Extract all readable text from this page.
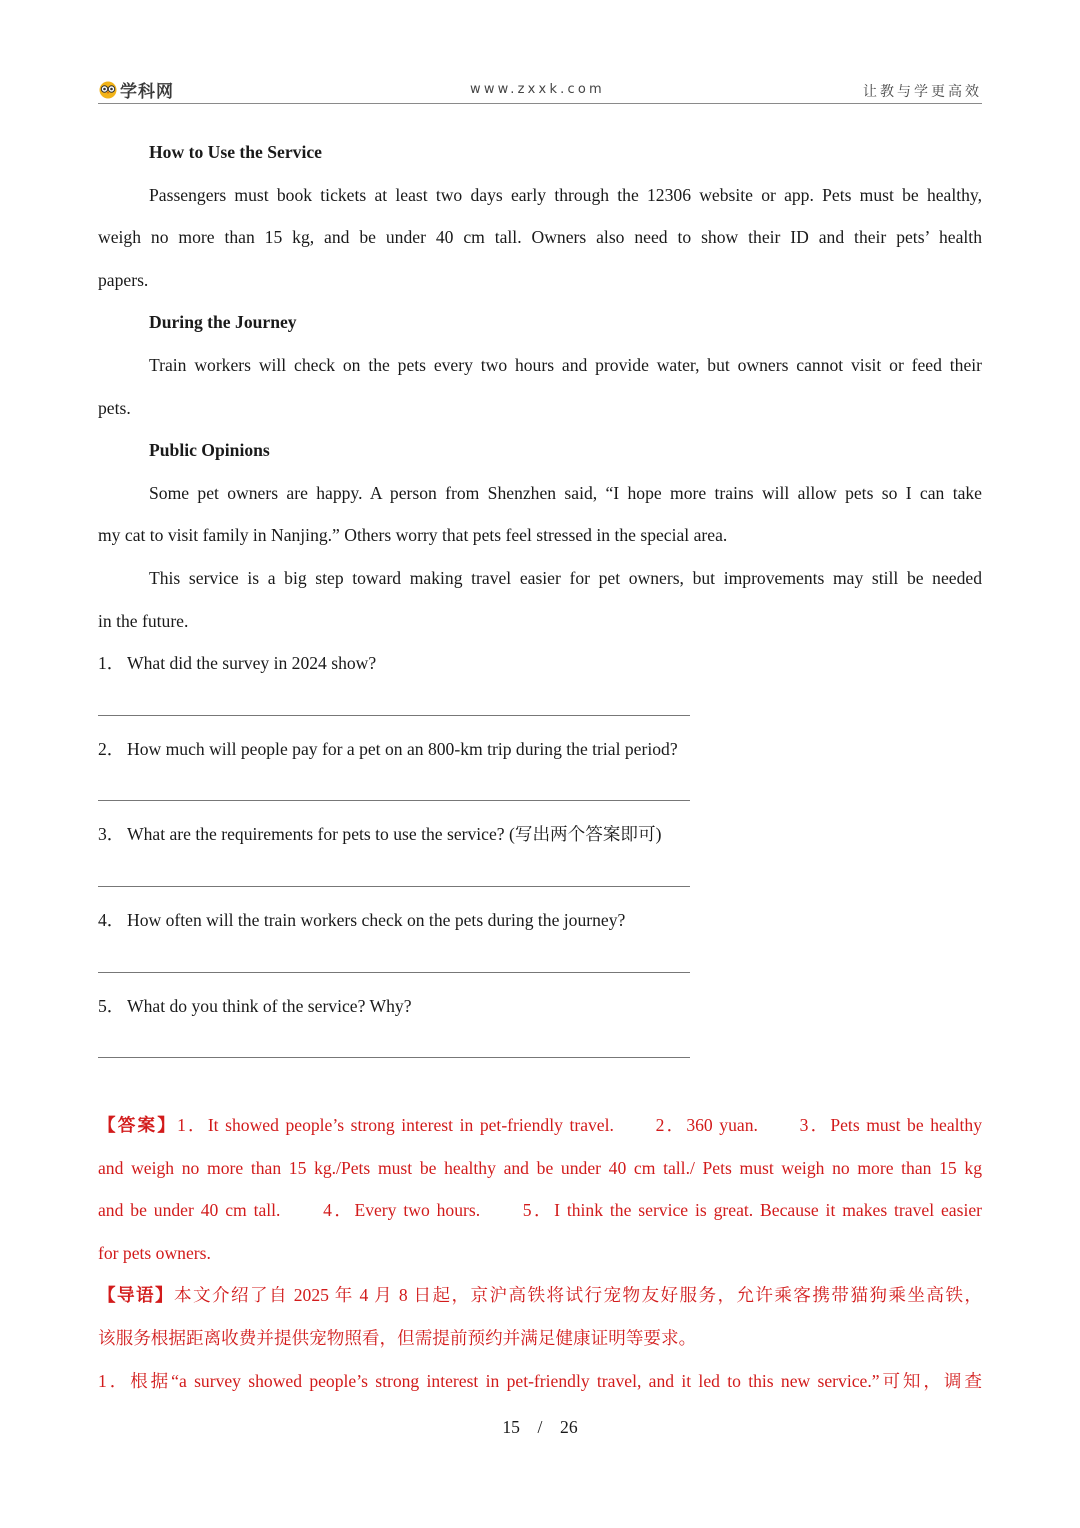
学科网	www.zxxk.com	让教与学更高效
How to Use the Service
Passengers must book tickets at least two days early through the 12306 website or app. Pets must be healthy,
weigh no more than 15 kg, and be under 40 cm tall. Owners also need to show their ID and their pets’ health
papers.
During the Journey
Train workers will check on the pets every two hours and provide water, but owners cannot visit or feed their
pets.
Public Opinions
Some pet owners are happy. A person from Shenzhen said, “I hope more trains will allow pets so I can take
my cat to visit family in Nanjing.” Others worry that pets feel stressed in the special area.
This service is a big step toward making travel easier for pet owners, but improvements may still be needed
in the future.
1． What did the survey in 2024 show?
2． How much will people pay for a pet on an 800-km trip during the trial period?
3． What are the requirements for pets to use the service? (写出两个答案即可)
4． How often will the train workers check on the pets during the journey?
5． What do you think of the service? Why?
【答案】1．It showed people’s strong interest in pet-friendly travel.　　2．360 yuan.　　3．Pets must be healthy
and weigh no more than 15 kg./Pets must be healthy and be under 40 cm tall./ Pets must weigh no more than 15 kg
and be under 40 cm tall.　　4．Every two hours.　　5．I think the service is great. Because it makes travel easier
for pets owners.
【导语】本文介绍了自 2025 年 4 月 8 日起，京沪高铁将试行宠物友好服务，允许乘客携带猫狗乘坐高铁，
该服务根据距离收费并提供宠物照看，但需提前预约并满足健康证明等要求。
1．根据“a survey showed people’s strong interest in pet-friendly travel, and it led to this new service.”可知，调查
15　/　26
